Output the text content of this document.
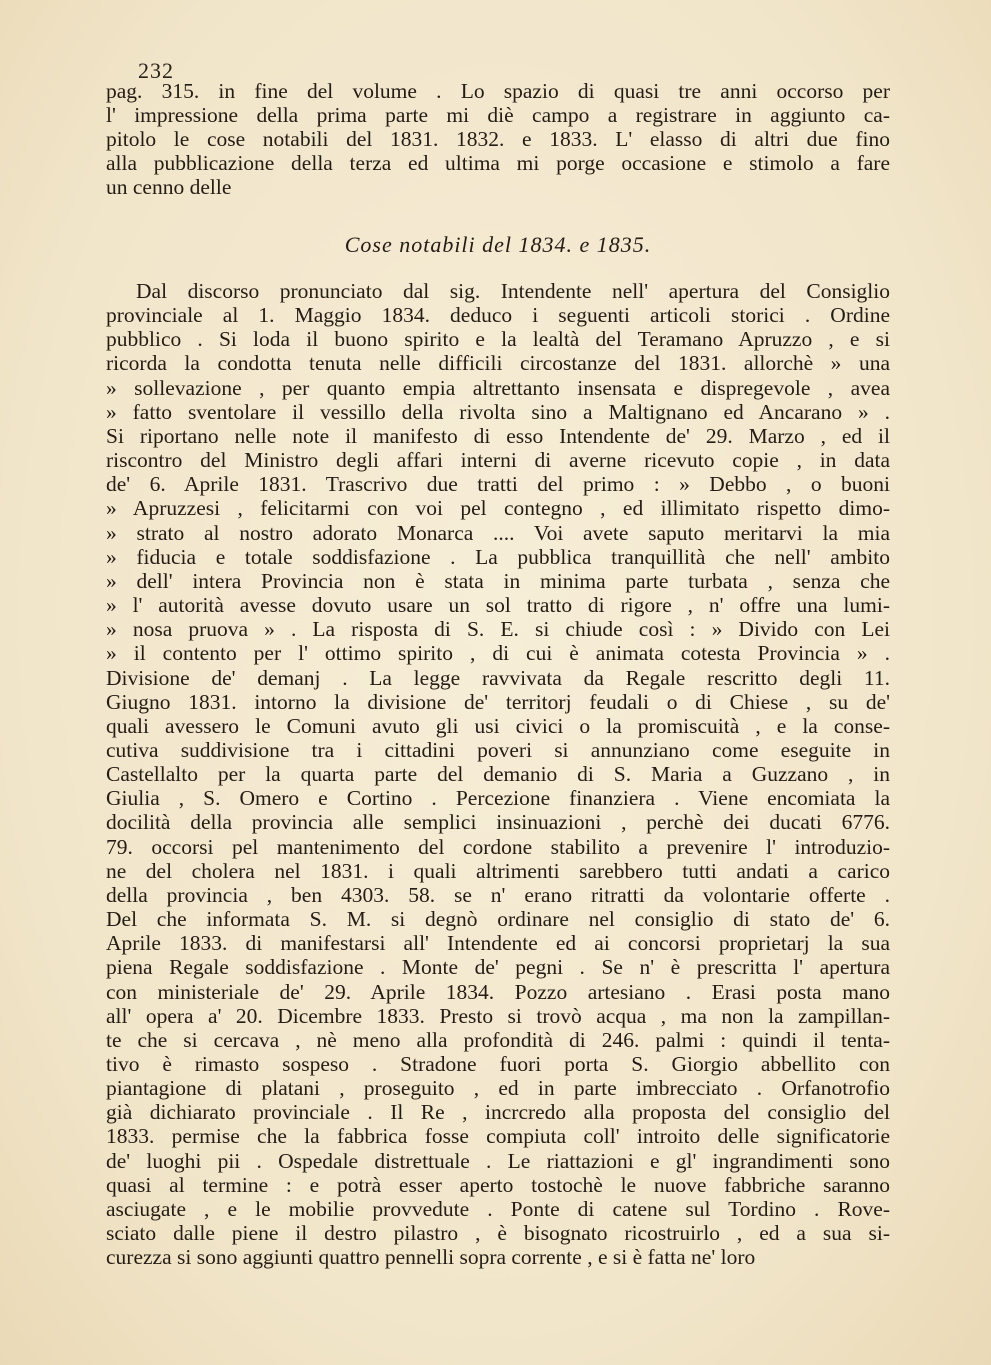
232
pag. 315. in fine del volume . Lo spazio di quasi tre anni occorso per
l' impressione della prima parte mi diè campo a registrare in aggiunto ca-
pitolo le cose notabili del 1831. 1832. e 1833. L' elasso di altri due fino
alla pubblicazione della terza ed ultima mi porge occasione e stimolo a fare
un cenno delle
Cose notabili del 1834. e 1835.
Dal discorso pronunciato dal sig. Intendente nell' apertura del Consiglio
provinciale al 1. Maggio 1834. deduco i seguenti articoli storici . Ordine
pubblico . Si loda il buono spirito e la lealtà del Teramano Apruzzo , e si
ricorda la condotta tenuta nelle difficili circostanze del 1831. allorchè » una
» sollevazione , per quanto empia altrettanto insensata e dispregevole , avea
» fatto sventolare il vessillo della rivolta sino a Maltignano ed Ancarano » .
Si riportano nelle note il manifesto di esso Intendente de' 29. Marzo , ed il
riscontro del Ministro degli affari interni di averne ricevuto copie , in data
de' 6. Aprile 1831. Trascrivo due tratti del primo : » Debbo , o buoni
» Apruzzesi , felicitarmi con voi pel contegno , ed illimitato rispetto dimo-
» strato al nostro adorato Monarca .... Voi avete saputo meritarvi la mia
» fiducia e totale soddisfazione . La pubblica tranquillità che nell' ambito
» dell' intera Provincia non è stata in minima parte turbata , senza che
» l' autorità avesse dovuto usare un sol tratto di rigore , n' offre una lumi-
» nosa pruova » . La risposta di S. E. si chiude così : » Divido con Lei
» il contento per l' ottimo spirito , di cui è animata cotesta Provincia » .
Divisione de' demanj . La legge ravvivata da Regale rescritto degli 11.
Giugno 1831. intorno la divisione de' territorj feudali o di Chiese , su de'
quali avessero le Comuni avuto gli usi civici o la promiscuità , e la conse-
cutiva suddivisione tra i cittadini poveri si annunziano come eseguite in
Castellalto per la quarta parte del demanio di S. Maria a Guzzano , in
Giulia , S. Omero e Cortino . Percezione finanziera . Viene encomiata la
docilità della provincia alle semplici insinuazioni , perchè dei ducati 6776.
79. occorsi pel mantenimento del cordone stabilito a prevenire l' introduzio-
ne del cholera nel 1831. i quali altrimenti sarebbero tutti andati a carico
della provincia , ben 4303. 58. se n' erano ritratti da volontarie offerte .
Del che informata S. M. si degnò ordinare nel consiglio di stato de' 6.
Aprile 1833. di manifestarsi all' Intendente ed ai concorsi proprietarj la sua
piena Regale soddisfazione . Monte de' pegni . Se n' è prescritta l' apertura
con ministeriale de' 29. Aprile 1834. Pozzo artesiano . Erasi posta mano
all' opera a' 20. Dicembre 1833. Presto si trovò acqua , ma non la zampillan-
te che si cercava , nè meno alla profondità di 246. palmi : quindi il tenta-
tivo è rimasto sospeso . Stradone fuori porta S. Giorgio abbellito con
piantagione di platani , proseguito , ed in parte imbrecciato . Orfanotrofio
già dichiarato provinciale . Il Re , incrcredo alla proposta del consiglio del
1833. permise che la fabbrica fosse compiuta coll' introito delle significatorie
de' luoghi pii . Ospedale distrettuale . Le riattazioni e gl' ingrandimenti sono
quasi al termine : e potrà esser aperto tostochè le nuove fabbriche saranno
asciugate , e le mobilie provvedute . Ponte di catene sul Tordino . Rove-
sciato dalle piene il destro pilastro , è bisognato ricostruirlo , ed a sua si-
curezza si sono aggiunti quattro pennelli sopra corrente , e si è fatta ne' loro
